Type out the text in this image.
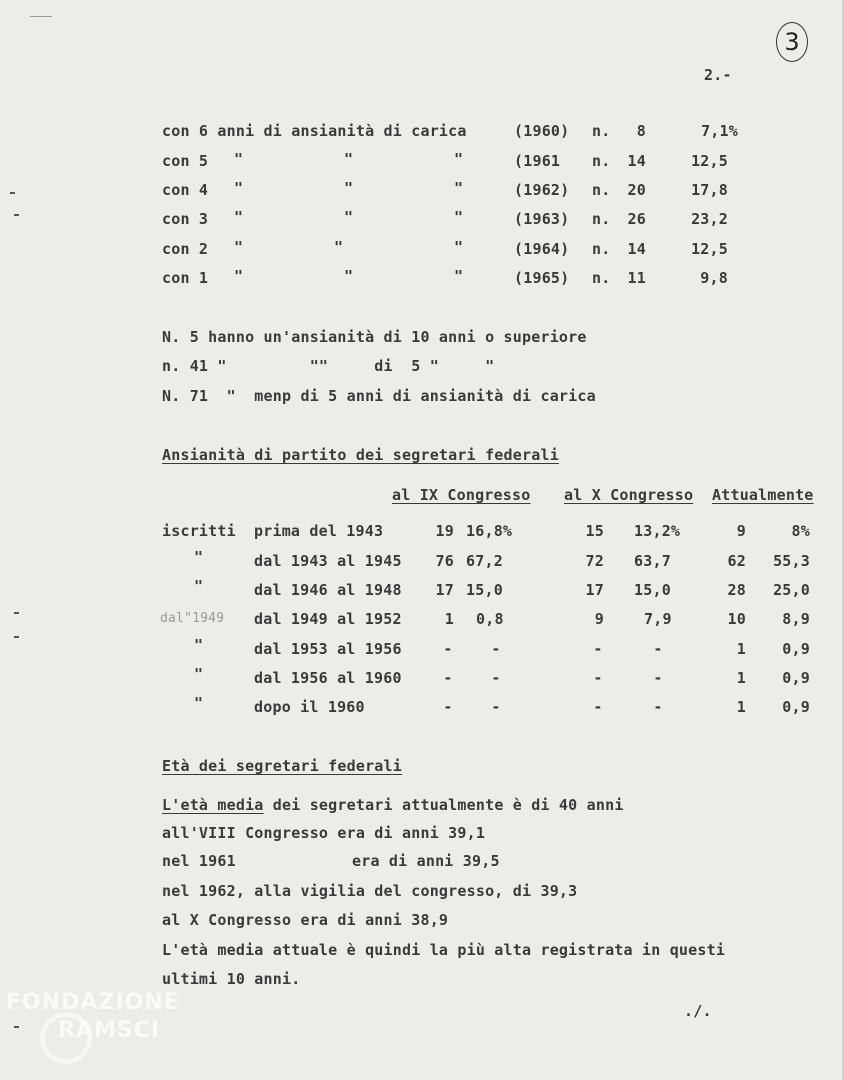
3
2.-
con 6 anni di ansianità di carica	(1960) n.	8	7,1%
con 5 "	"	"	(1961 n.	14	12,5
con 4 "	"	"	(1962) n.	20	17,8
con 3 "	"	"	(1963) n.	26	23,2
con 2 "	"	"	(1964) n.	14	12,5
con 1 "	"	"	(1965) n.	11	9,8
N. 5 hanno un'ansianità di 10 anni o superiore
n. 41 "         ""     di  5 "     "
N. 71  "  menp di 5 anni di ansianità di carica
Ansianità di partito dei segretari federali
al IX Congresso al X Congresso Attualmente
iscritti prima del 1943	19 16,8%	15 13,2%	9	8%
"	dal 1943 al 1945	76 67,2	72 63,7	62	55,3
"	dal 1946 al 1948	17 15,0	17 15,0	28	25,0
dal"1949 dal 1949 al 1952	1 0,8	9	7,9	10	8,9
"	dal 1953 al 1956	-	-	-	-	1	0,9
"	dal 1956 al 1960	-	-	-	-	1	0,9
"	dopo il 1960	-	-	-	-	1	0,9
Età dei segretari federali
L'età media dei segretari attualmente è di 40 anni
all'VIII Congresso era di anni 39,1
nel 1961	era di anni 39,5
nel 1962, alla vigilia del congresso, di 39,3
al X Congresso era di anni 38,9
L'età media attuale è quindi la più alta registrata in questi
ultimi 10 anni.
./.
FONDAZIONE
RAMSCI
